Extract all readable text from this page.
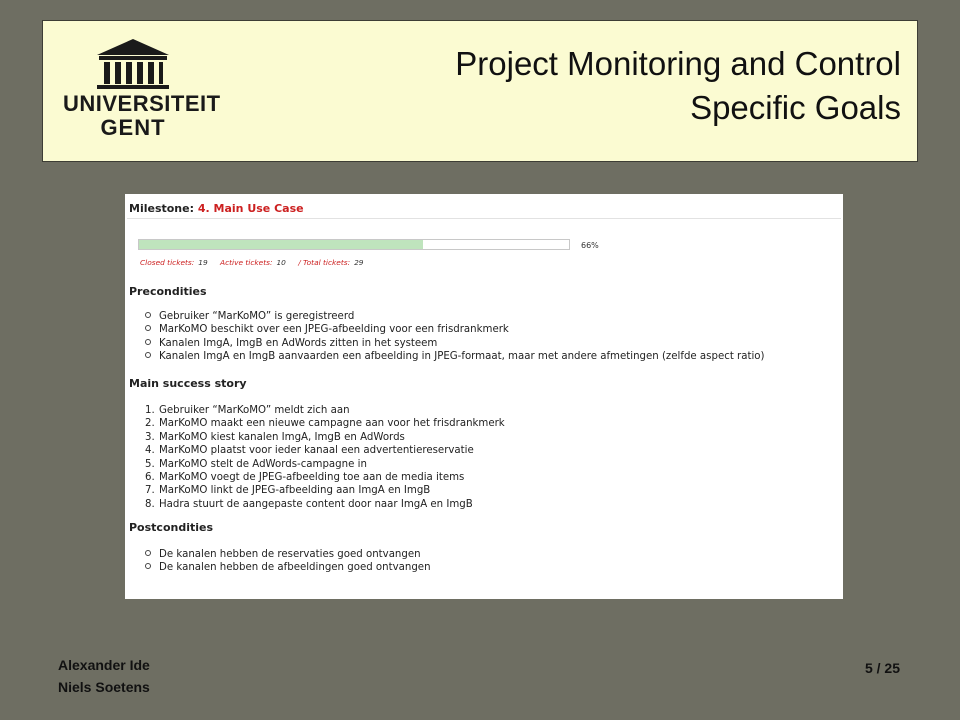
UNIVERSITEIT
GENT
Project Monitoring and Control
Specific Goals
Milestone: 4. Main Use Case
66%
Closed tickets: 19 Active tickets: 10 / Total tickets: 29
Precondities
Gebruiker “MarKoMO” is geregistreerd
MarKoMO beschikt over een JPEG-afbeelding voor een frisdrankmerk
Kanalen ImgA, ImgB en AdWords zitten in het systeem
Kanalen ImgA en ImgB aanvaarden een afbeelding in JPEG-formaat, maar met andere afmetingen (zelfde aspect ratio)
Main success story
1. Gebruiker “MarKoMO” meldt zich aan
2. MarKoMO maakt een nieuwe campagne aan voor het frisdrankmerk
3. MarKoMO kiest kanalen ImgA, ImgB en AdWords
4. MarKoMO plaatst voor ieder kanaal een advertentiereservatie
5. MarKoMO stelt de AdWords-campagne in
6. MarKoMO voegt de JPEG-afbeelding toe aan de media items
7. MarKoMO linkt de JPEG-afbeelding aan ImgA en ImgB
8. Hadra stuurt de aangepaste content door naar ImgA en ImgB
Postcondities
De kanalen hebben de reservaties goed ontvangen
De kanalen hebben de afbeeldingen goed ontvangen
Alexander Ide
Niels Soetens
5 / 25
